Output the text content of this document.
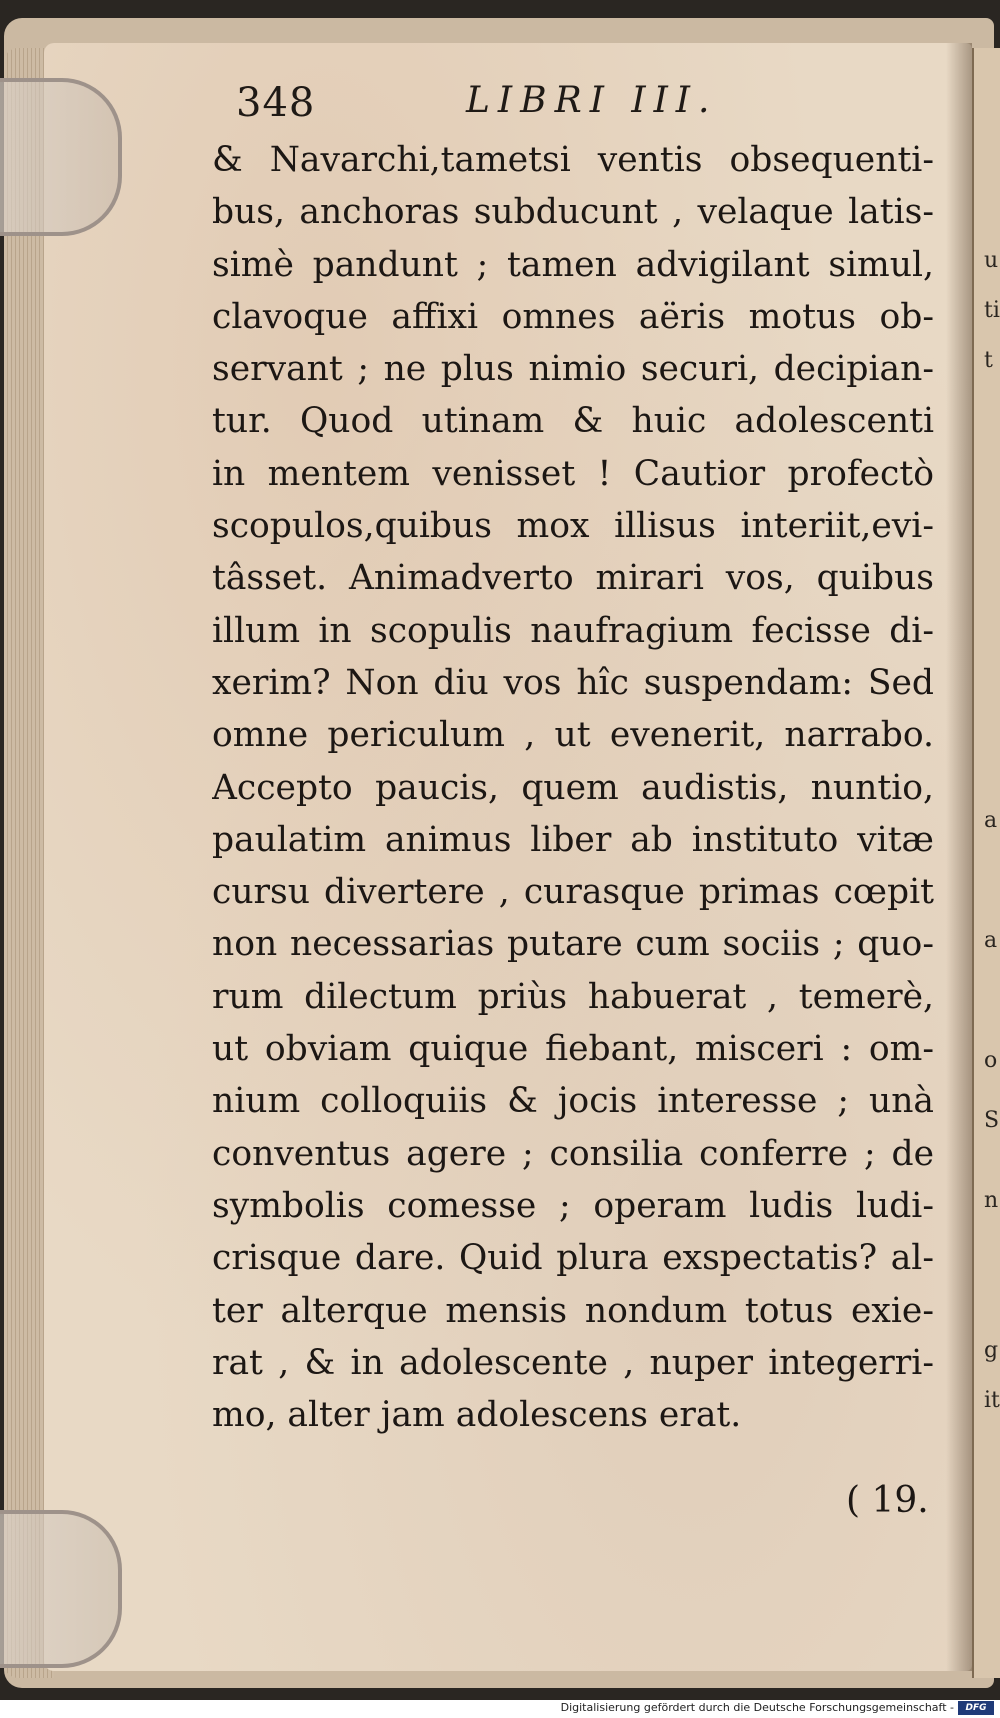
u
ti
t
a
a
o
S
n
g
it
348	LIBRI III.
& Navarchi,tametsi ventis obsequenti-
bus, anchoras subducunt , velaque latis-
simè pandunt ; tamen advigilant simul,
clavoque affixi omnes aëris motus ob-
servant ; ne plus nimio securi, decipian-
tur. Quod utinam & huic adolescenti
in mentem venisset ! Cautior profectò
scopulos,quibus mox illisus interiit,evi-
tâsset. Animadverto mirari vos, quibus
illum in scopulis naufragium fecisse di-
xerim? Non diu vos hîc suspendam: Sed
omne periculum , ut evenerit, narrabo.
Accepto paucis, quem audistis, nuntio,
paulatim animus liber ab instituto vitæ
cursu divertere , curasque primas cœpit
non necessarias putare cum sociis ; quo-
rum dilectum priùs habuerat , temerè,
ut obviam quique fiebant, misceri : om-
nium colloquiis & jocis interesse ; unà
conventus agere ; consilia conferre ; de
symbolis comesse ; operam ludis ludi-
crisque dare. Quid plura exspectatis? al-
ter alterque mensis nondum totus exie-
rat , & in adolescente , nuper integerri-
mo, alter jam adolescens erat.
( 19.
Digitalisierung gefördert durch die Deutsche Forschungsgemeinschaft -	DFG
